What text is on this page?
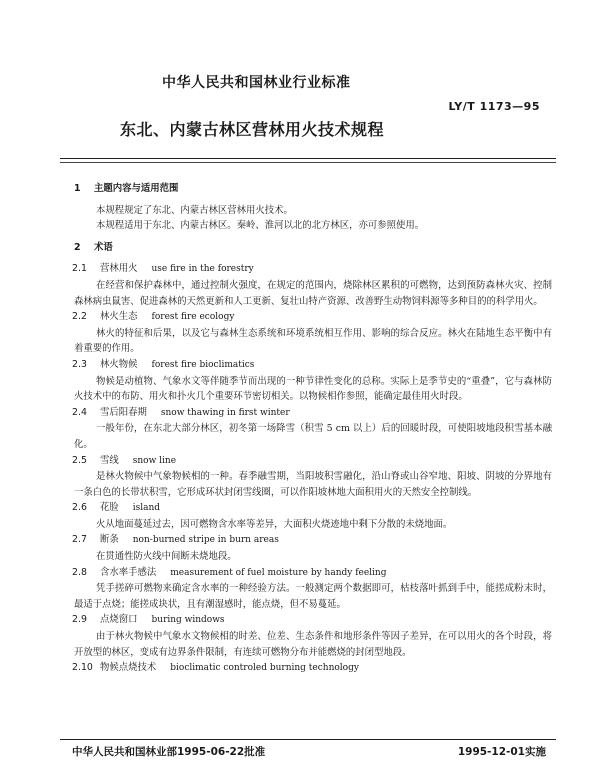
中华人民共和国林业行业标准
LY/T 1173—95
东北、内蒙古林区营林用火技术规程

1 主题内容与适用范围

本规程规定了东北、内蒙古林区营林用火技术。

本规程适用于东北、内蒙古林区。秦岭、淮河以北的北方林区，亦可参照使用。

2 术语

2.1 营林用火 use fire in the forestry

在经营和保护森林中，通过控制火强度，在规定的范围内，烧除林区累积的可燃物，达到预防森林火灾、控制森林病虫鼠害、促进森林的天然更新和人工更新、复壮山特产资源、改善野生动物饲料源等多种目的的科学用火。

2.2 林火生态 forest fire ecology

林火的特征和后果，以及它与森林生态系统和环境系统相互作用、影响的综合反应。林火在陆地生态平衡中有着重要的作用。

2.3 林火物候 forest fire bioclimatics

物候是动植物、气象水文等伴随季节而出现的一种节律性变化的总称。实际上是季节史的“重叠”，它与森林防火技术中的布防、用火和扑火几个重要环节密切相关。以物候相作参照，能确定最佳用火时段。

2.4 雪后阳春期 snow thawing in first winter

一般年份，在东北大部分林区，初冬第一场降雪（积雪 5 cm 以上）后的回暖时段，可使阳坡地段积雪基本融化。

2.5 雪线 snow line

是林火物候中气象物候相的一种。春季融雪期，当阳坡积雪融化，沿山脊或山谷窄地、阳坡、阴坡的分界地有一条白色的长带状积雪，它形成环状封闭雪线圈，可以作阳坡林地大面积用火的天然安全控制线。

2.6 花脸 island

火从地面蔓延过去，因可燃物含水率等差异，大面积火烧迹地中剩下分散的未烧地面。

2.7 断条 non-burned stripe in burn areas

在贯通性防火线中间断未烧地段。

2.8 含水率手感法 measurement of fuel moisture by handy feeling

凭手搓碎可燃物来确定含水率的一种经验方法。一般测定两个数据即可，枯枝落叶抓到手中，能搓成粉末时，最适于点烧；能搓成块状，且有潮湿感时，能点烧，但不易蔓延。

2.9 点烧窗口 buring windows

由于林火物候中气象水文物候相的时差、位差、生态条件和地形条件等因子差异，在可以用火的各个时段，将开放型的林区，变成有边界条件限制，有连续可燃物分布并能燃烧的封闭型地段。

2.10 物候点烧技术 bioclimatic controled burning technology

中华人民共和国林业部1995-06-22批准	1995-12-01实施
